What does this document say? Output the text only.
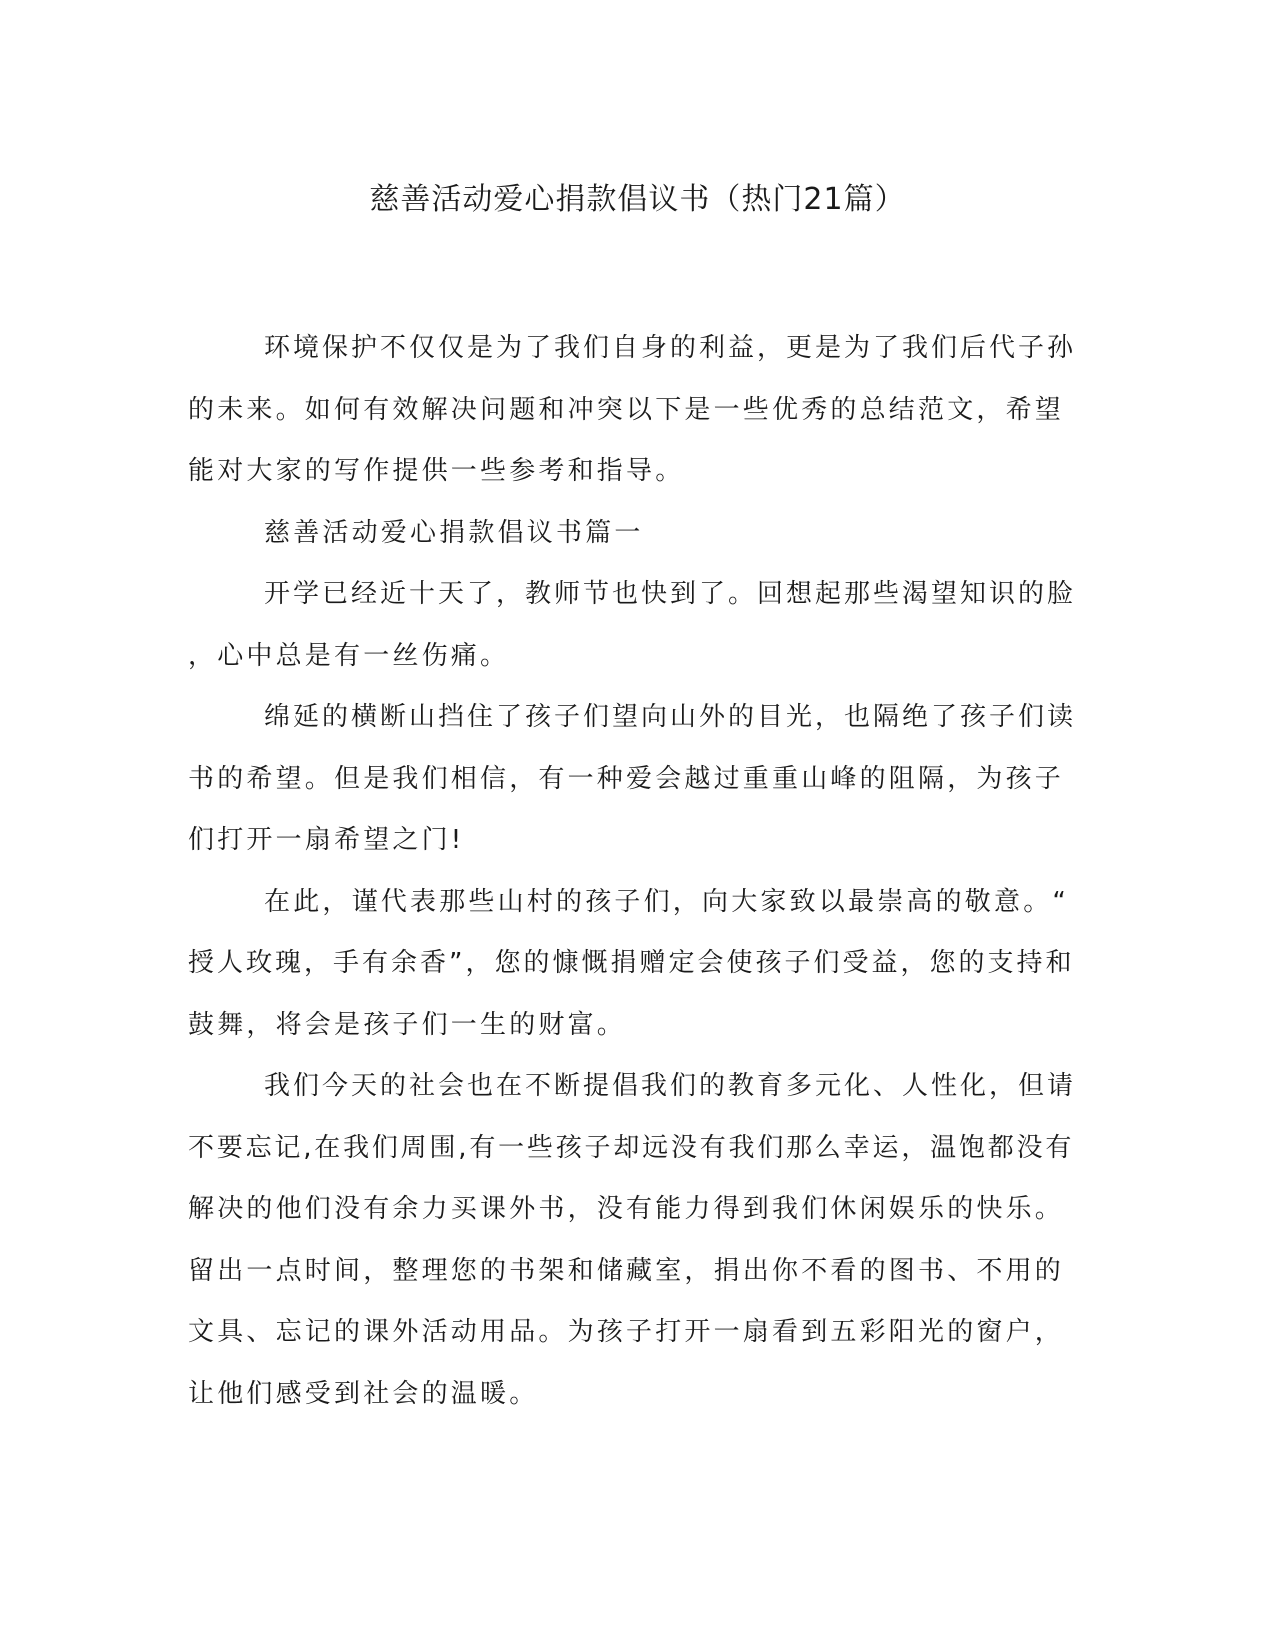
慈善活动爱心捐款倡议书（热门21篇）
环境保护不仅仅是为了我们自身的利益，更是为了我们后代子孙
的未来。如何有效解决问题和冲突以下是一些优秀的总结范文，希望
能对大家的写作提供一些参考和指导。
慈善活动爱心捐款倡议书篇一
开学已经近十天了，教师节也快到了。回想起那些渴望知识的脸
，心中总是有一丝伤痛。
绵延的横断山挡住了孩子们望向山外的目光，也隔绝了孩子们读
书的希望。但是我们相信，有一种爱会越过重重山峰的阻隔，为孩子
们打开一扇希望之门!
在此，谨代表那些山村的孩子们，向大家致以最崇高的敬意。“
授人玫瑰，手有余香”，您的慷慨捐赠定会使孩子们受益，您的支持和
鼓舞，将会是孩子们一生的财富。
我们今天的社会也在不断提倡我们的教育多元化、人性化，但请
不要忘记,在我们周围,有一些孩子却远没有我们那么幸运，温饱都没有
解决的他们没有余力买课外书，没有能力得到我们休闲娱乐的快乐。
留出一点时间，整理您的书架和储藏室，捐出你不看的图书、不用的
文具、忘记的课外活动用品。为孩子打开一扇看到五彩阳光的窗户，
让他们感受到社会的温暖。
